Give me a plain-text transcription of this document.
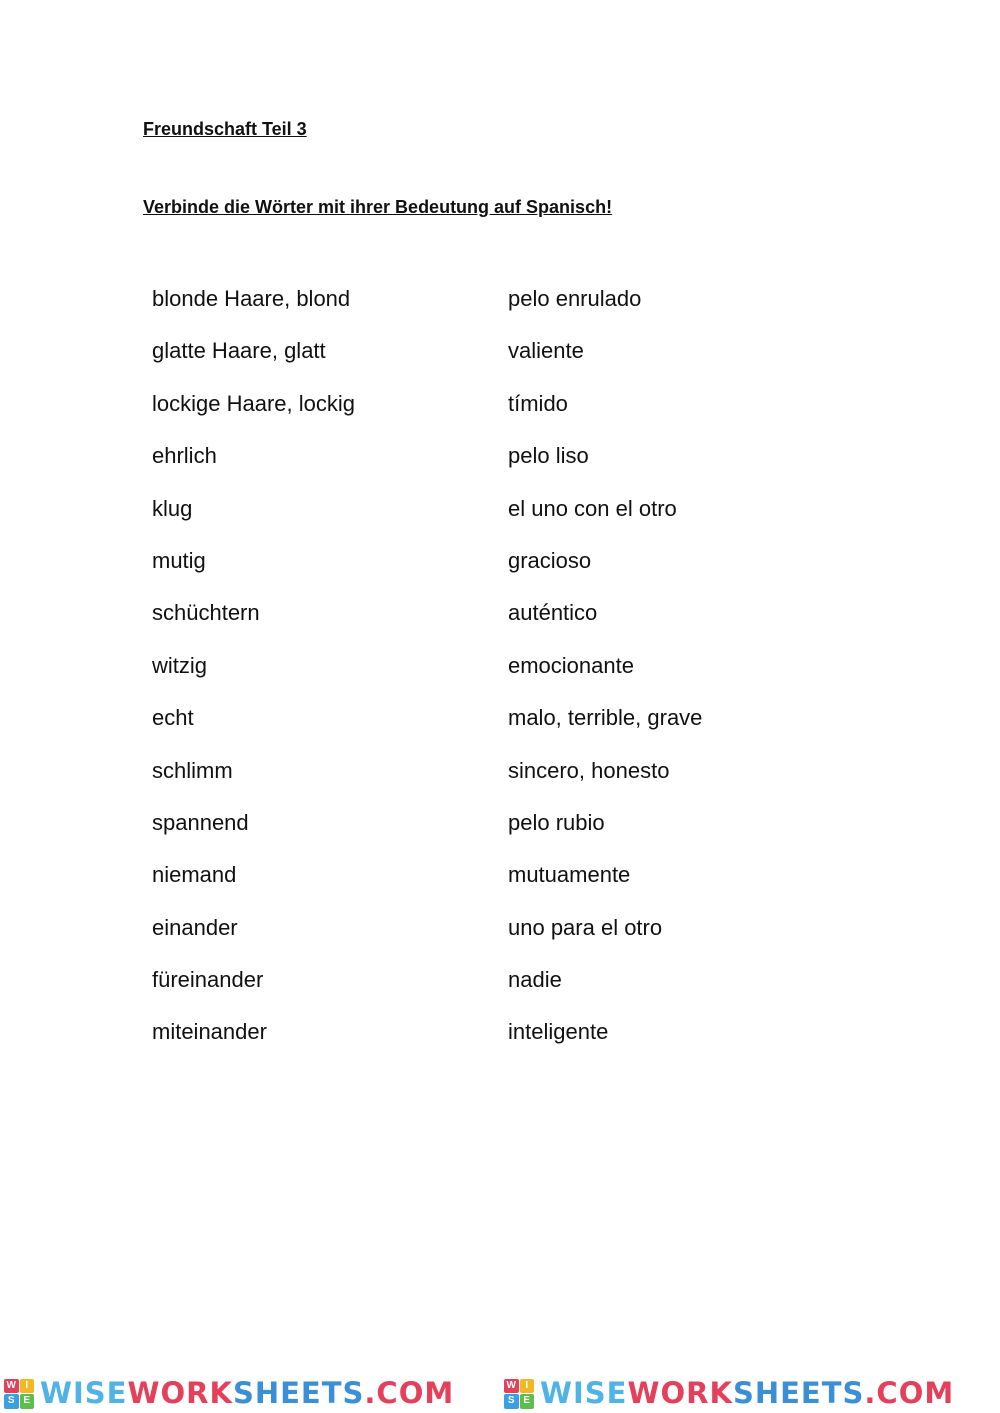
Freundschaft Teil 3
Verbinde die Wörter mit ihrer Bedeutung auf Spanisch!
blonde Haare, blond
glatte Haare, glatt
lockige Haare, lockig
ehrlich
klug
mutig
schüchtern
witzig
echt
schlimm
spannend
niemand
einander
füreinander
miteinander
pelo enrulado
valiente
tímido
pelo liso
el uno con el otro
gracioso
auténtico
emocionante
malo, terrible, grave
sincero, honesto
pelo rubio
mutuamente
uno para el otro
nadie
inteligente
W I
S E WISEWORKSHEETS.COM	W I
S E WISEWORKSHEETS.COM
